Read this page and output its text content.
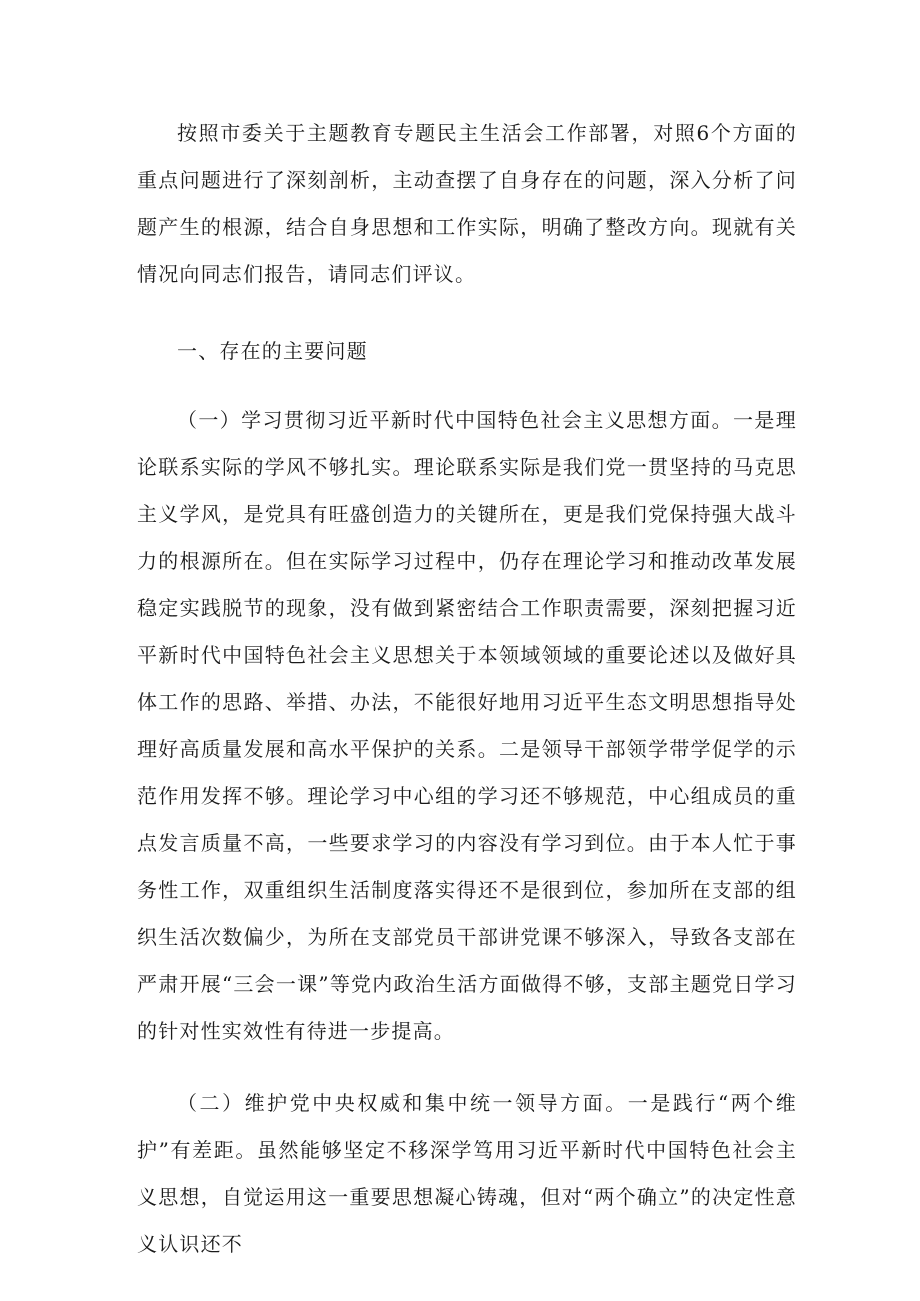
按照市委关于主题教育专题民主生活会工作部署，对照6个方面的重点问题进行了深刻剖析，主动查摆了自身存在的问题，深入分析了问题产生的根源，结合自身思想和工作实际，明确了整改方向。现就有关情况向同志们报告，请同志们评议。

一、存在的主要问题

（一）学习贯彻习近平新时代中国特色社会主义思想方面。一是理论联系实际的学风不够扎实。理论联系实际是我们党一贯坚持的马克思主义学风，是党具有旺盛创造力的关键所在，更是我们党保持强大战斗力的根源所在。但在实际学习过程中，仍存在理论学习和推动改革发展稳定实践脱节的现象，没有做到紧密结合工作职责需要，深刻把握习近平新时代中国特色社会主义思想关于本领域领域的重要论述以及做好具体工作的思路、举措、办法，不能很好地用习近平生态文明思想指导处理好高质量发展和高水平保护的关系。二是领导干部领学带学促学的示范作用发挥不够。理论学习中心组的学习还不够规范，中心组成员的重点发言质量不高，一些要求学习的内容没有学习到位。由于本人忙于事务性工作，双重组织生活制度落实得还不是很到位，参加所在支部的组织生活次数偏少，为所在支部党员干部讲党课不够深入，导致各支部在严肃开展“三会一课”等党内政治生活方面做得不够，支部主题党日学习的针对性实效性有待进一步提高。

（二）维护党中央权威和集中统一领导方面。一是践行“两个维护”有差距。虽然能够坚定不移深学笃用习近平新时代中国特色社会主义思想，自觉运用这一重要思想凝心铸魂，但对“两个确立”的决定性意义认识还不
